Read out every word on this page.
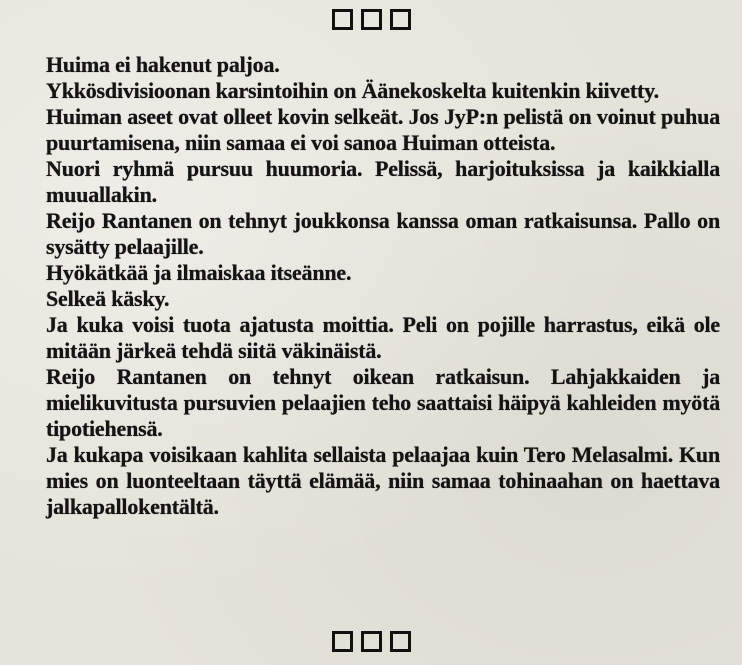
Huima ei hakenut paljoa.

Ykkösdivisioonan karsintoihin on Äänekoskelta kuitenkin kiivetty.

Huiman aseet ovat olleet kovin selkeät. Jos JyP:n pelistä on voinut puhua puurtamisena, niin samaa ei voi sanoa Huiman otteista.

Nuori ryhmä pursuu huumoria. Pelissä, harjoituksissa ja kaikkialla muuallakin.

Reijo Rantanen on tehnyt joukkonsa kanssa oman ratkaisunsa. Pallo on sysätty pelaajille.

Hyökätkää ja ilmaiskaa itseänne.

Selkeä käsky.

Ja kuka voisi tuota ajatusta moittia. Peli on pojille harrastus, eikä ole mitään järkeä tehdä siitä väkinäistä.

Reijo Rantanen on tehnyt oikean ratkaisun. Lahjakkaiden ja mielikuvitusta pursuvien pelaajien teho saattaisi häipyä kahleiden myötä tipotiehensä.

Ja kukapa voisikaan kahlita sellaista pelaajaa kuin Tero Melasalmi. Kun mies on luonteeltaan täyttä elämää, niin samaa tohinaahan on haettava jalkapallokentältä.
